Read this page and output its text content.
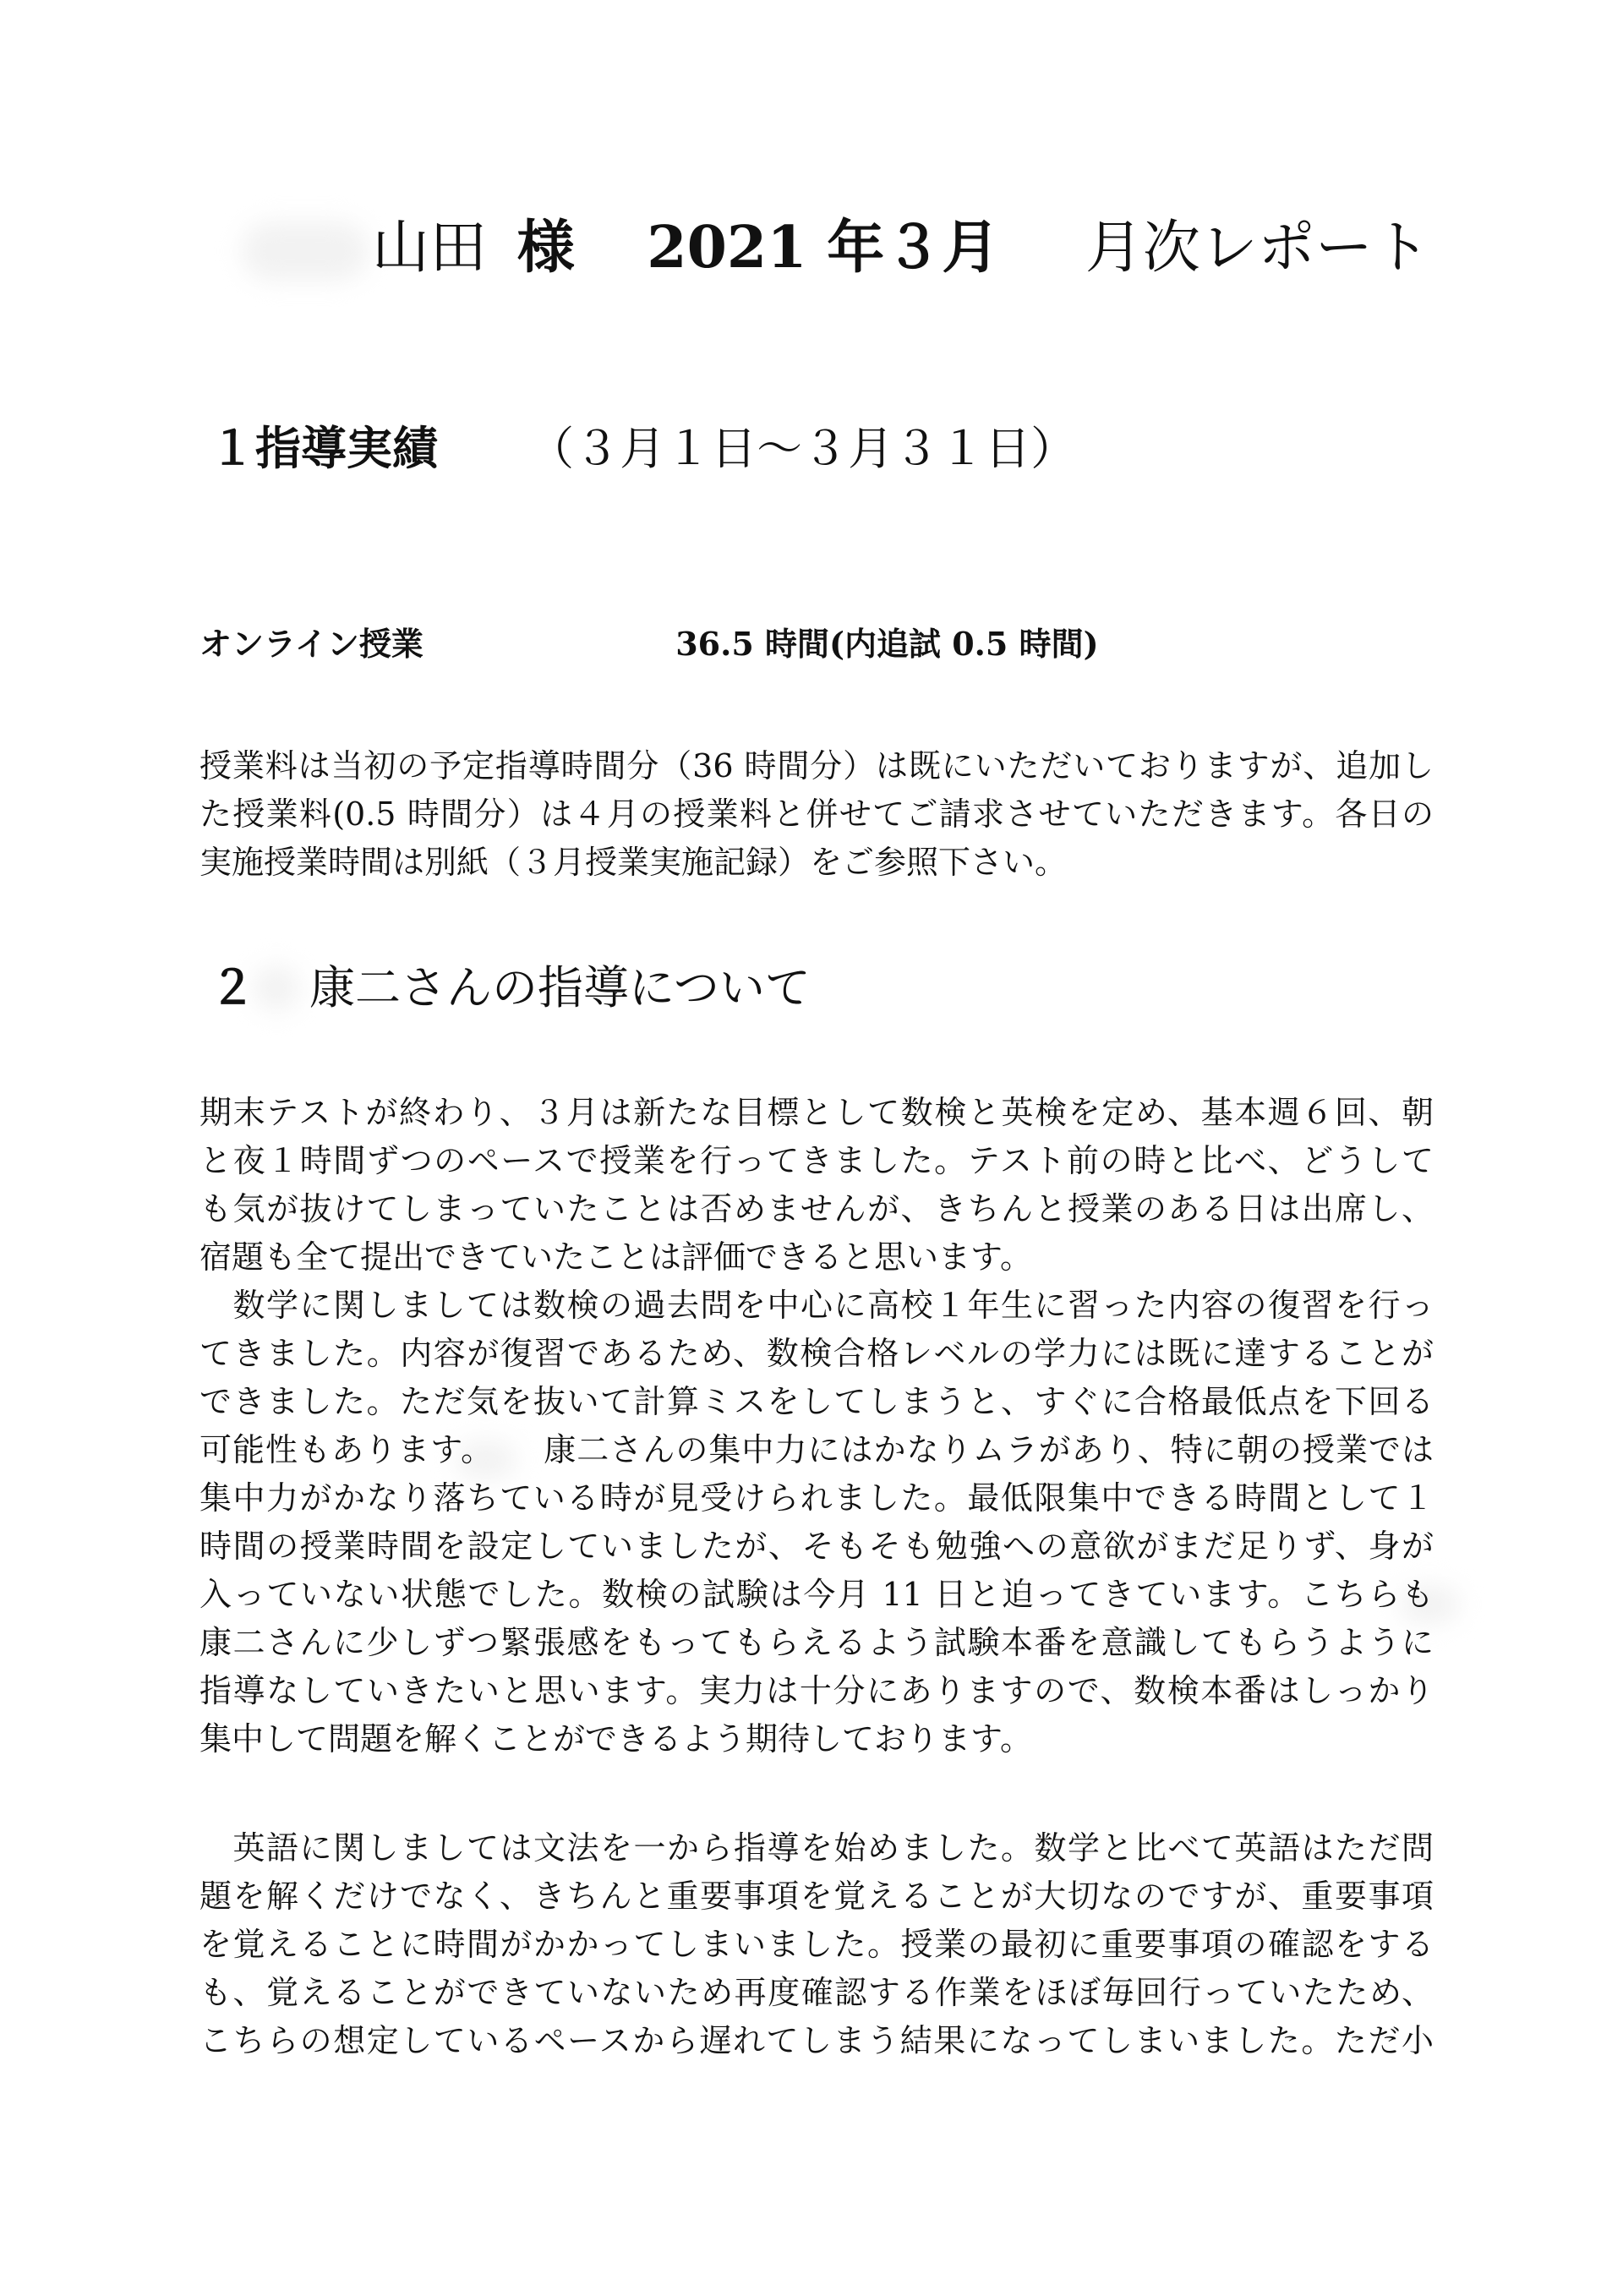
山田 様 2021 年３月 月次レポート
１指導実績 （３月１日～３月３１日）
オンライン授業	36.5 時間(内追試 0.5 時間)
授業料は当初の予定指導時間分（36 時間分）は既にいただいておりますが、追加し
た授業料(0.5 時間分）は４月の授業料と併せてご請求させていただきます。各日の
実施授業時間は別紙（３月授業実施記録）をご参照下さい。
２ 康二さんの指導について
期末テストが終わり、３月は新たな目標として数検と英検を定め、基本週６回、朝
と夜１時間ずつのペースで授業を行ってきました。テスト前の時と比べ、どうして
も気が抜けてしまっていたことは否めませんが、きちんと授業のある日は出席し、
宿題も全て提出できていたことは評価できると思います。
　数学に関しましては数検の過去問を中心に高校１年生に習った内容の復習を行っ
てきました。内容が復習であるため、数検合格レベルの学力には既に達することが
できました。ただ気を抜いて計算ミスをしてしまうと、すぐに合格最低点を下回る
可能性もあります。　　康二さんの集中力にはかなりムラがあり、特に朝の授業では
集中力がかなり落ちている時が見受けられました。最低限集中できる時間として１
時間の授業時間を設定していましたが、そもそも勉強への意欲がまだ足りず、身が
入っていない状態でした。数検の試験は今月 11 日と迫ってきています。こちらも
康二さんに少しずつ緊張感をもってもらえるよう試験本番を意識してもらうように
指導なしていきたいと思います。実力は十分にありますので、数検本番はしっかり
集中して問題を解くことができるよう期待しております。
　英語に関しましては文法を一から指導を始めました。数学と比べて英語はただ問
題を解くだけでなく、きちんと重要事項を覚えることが大切なのですが、重要事項
を覚えることに時間がかかってしまいました。授業の最初に重要事項の確認をする
も、覚えることができていないため再度確認する作業をほぼ毎回行っていたため、
こちらの想定しているペースから遅れてしまう結果になってしまいました。ただ小
